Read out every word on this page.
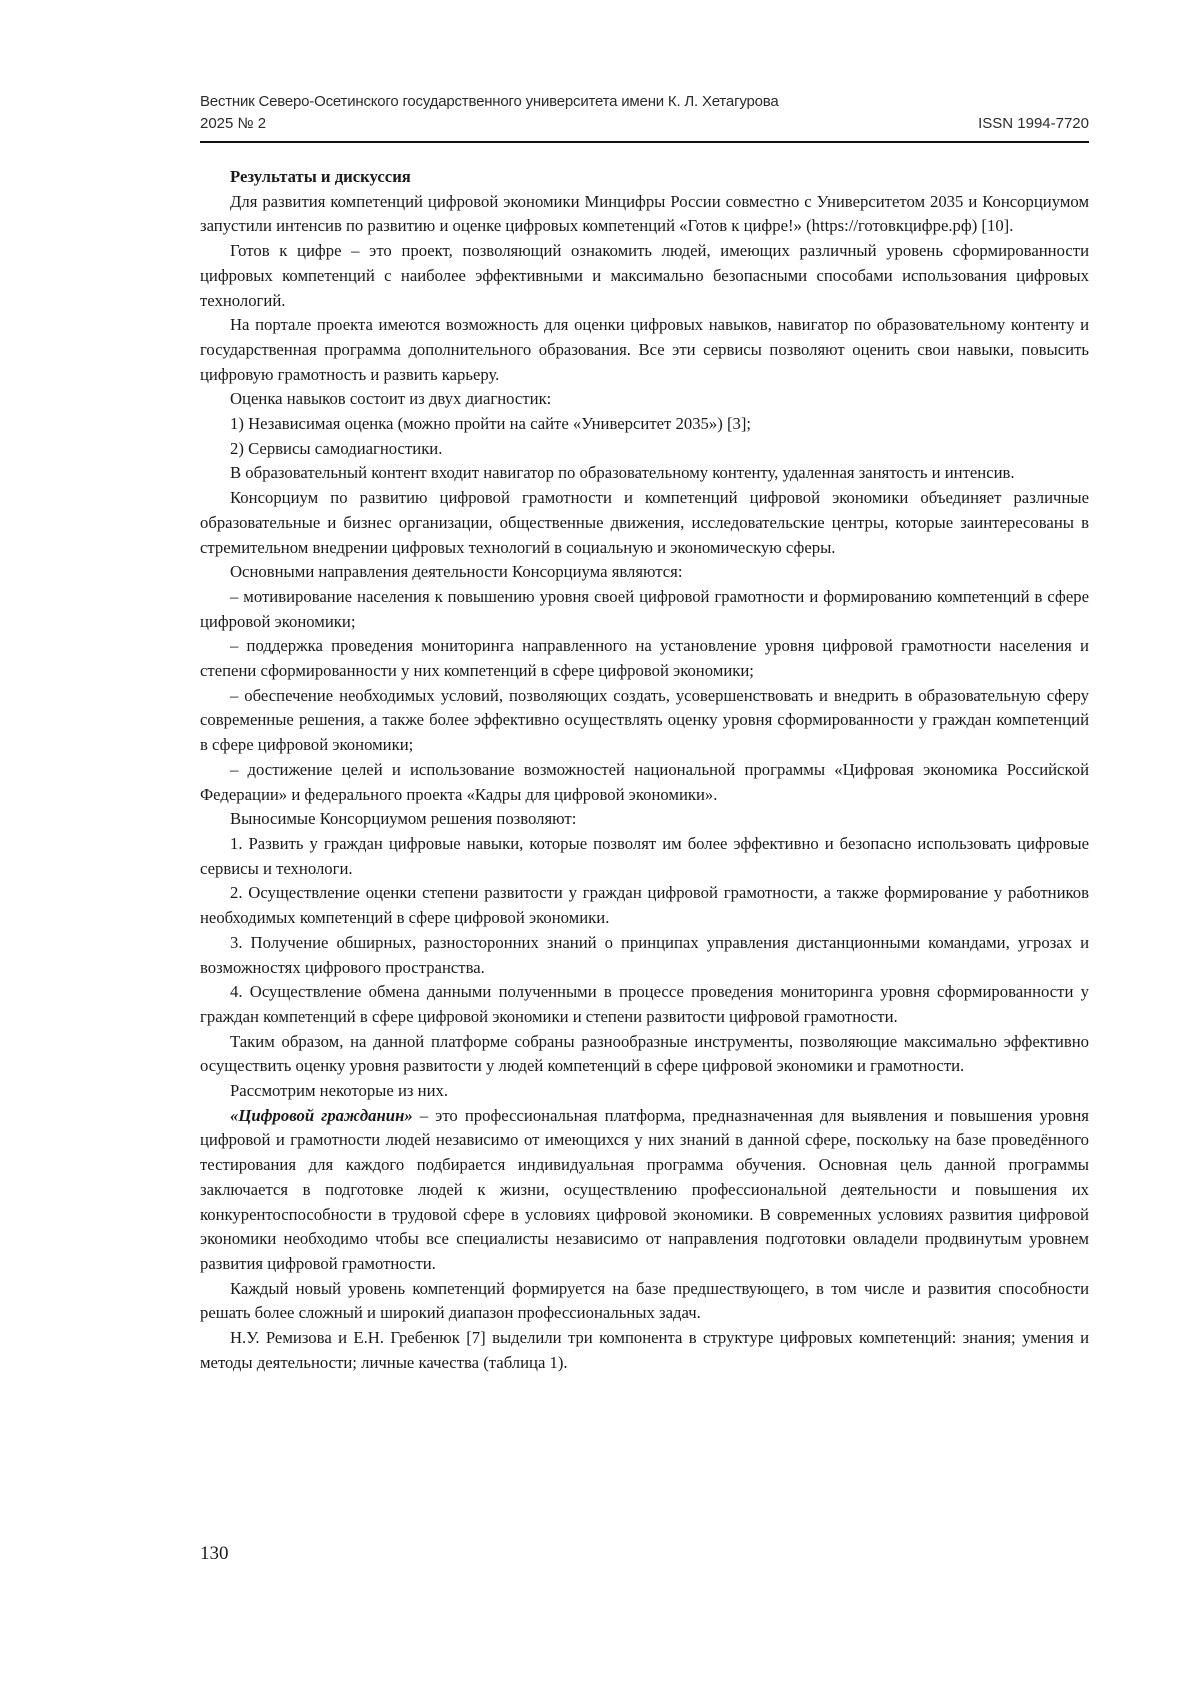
Вестник Северо-Осетинского государственного университета имени К. Л. Хетагурова
2025 № 2	ISSN 1994-7720

Результаты и дискуссия

Для развития компетенций цифровой экономики Минцифры России совместно с Университетом 2035 и Консорциумом запустили интенсив по развитию и оценке цифровых компетенций «Готов к цифре!» (https://готовкцифре.рф) [10].

Готов к цифре – это проект, позволяющий ознакомить людей, имеющих различный уровень сформированности цифровых компетенций с наиболее эффективными и максимально безопасными способами использования цифровых технологий.

На портале проекта имеются возможность для оценки цифровых навыков, навигатор по образовательному контенту и государственная программа дополнительного образования. Все эти сервисы позволяют оценить свои навыки, повысить цифровую грамотность и развить карьеру.

Оценка навыков состоит из двух диагностик:

1) Независимая оценка (можно пройти на сайте «Университет 2035») [3];

2) Сервисы самодиагностики.

В образовательный контент входит навигатор по образовательному контенту, удаленная занятость и интенсив.

Консорциум по развитию цифровой грамотности и компетенций цифровой экономики объединяет различные образовательные и бизнес организации, общественные движения, исследовательские центры, которые заинтересованы в стремительном внедрении цифровых технологий в социальную и экономическую сферы.

Основными направления деятельности Консорциума являются:

– мотивирование населения к повышению уровня своей цифровой грамотности и формированию компетенций в сфере цифровой экономики;

– поддержка проведения мониторинга направленного на установление уровня цифровой грамотности населения и степени сформированности у них компетенций в сфере цифровой экономики;

– обеспечение необходимых условий, позволяющих создать, усовершенствовать и внедрить в образовательную сферу современные решения, а также более эффективно осуществлять оценку уровня сформированности у граждан компетенций в сфере цифровой экономики;

– достижение целей и использование возможностей национальной программы «Цифровая экономика Российской Федерации» и федерального проекта «Кадры для цифровой экономики».

Выносимые Консорциумом решения позволяют:

1. Развить у граждан цифровые навыки, которые позволят им более эффективно и безопасно использовать цифровые сервисы и технологи.

2. Осуществление оценки степени развитости у граждан цифровой грамотности, а также формирование у работников необходимых компетенций в сфере цифровой экономики.

3. Получение обширных, разносторонних знаний о принципах управления дистанционными командами, угрозах и возможностях цифрового пространства.

4. Осуществление обмена данными полученными в процессе проведения мониторинга уровня сформированности у граждан компетенций в сфере цифровой экономики и степени развитости цифровой грамотности.

Таким образом, на данной платформе собраны разнообразные инструменты, позволяющие максимально эффективно осуществить оценку уровня развитости у людей компетенций в сфере цифровой экономики и грамотности.

Рассмотрим некоторые из них.

«Цифровой гражданин» – это профессиональная платформа, предназначенная для выявления и повышения уровня цифровой и грамотности людей независимо от имеющихся у них знаний в данной сфере, поскольку на базе проведённого тестирования для каждого подбирается индивидуальная программа обучения. Основная цель данной программы заключается в подготовке людей к жизни, осуществлению профессиональной деятельности и повышения их конкурентоспособности в трудовой сфере в условиях цифровой экономики. В современных условиях развития цифровой экономики необходимо чтобы все специалисты независимо от направления подготовки овладели продвинутым уровнем развития цифровой грамотности.

Каждый новый уровень компетенций формируется на базе предшествующего, в том числе и развития способности решать более сложный и широкий диапазон профессиональных задач.

Н.У. Ремизова и Е.Н. Гребенюк [7] выделили три компонента в структуре цифровых компетенций: знания; умения и методы деятельности; личные качества (таблица 1).

130
